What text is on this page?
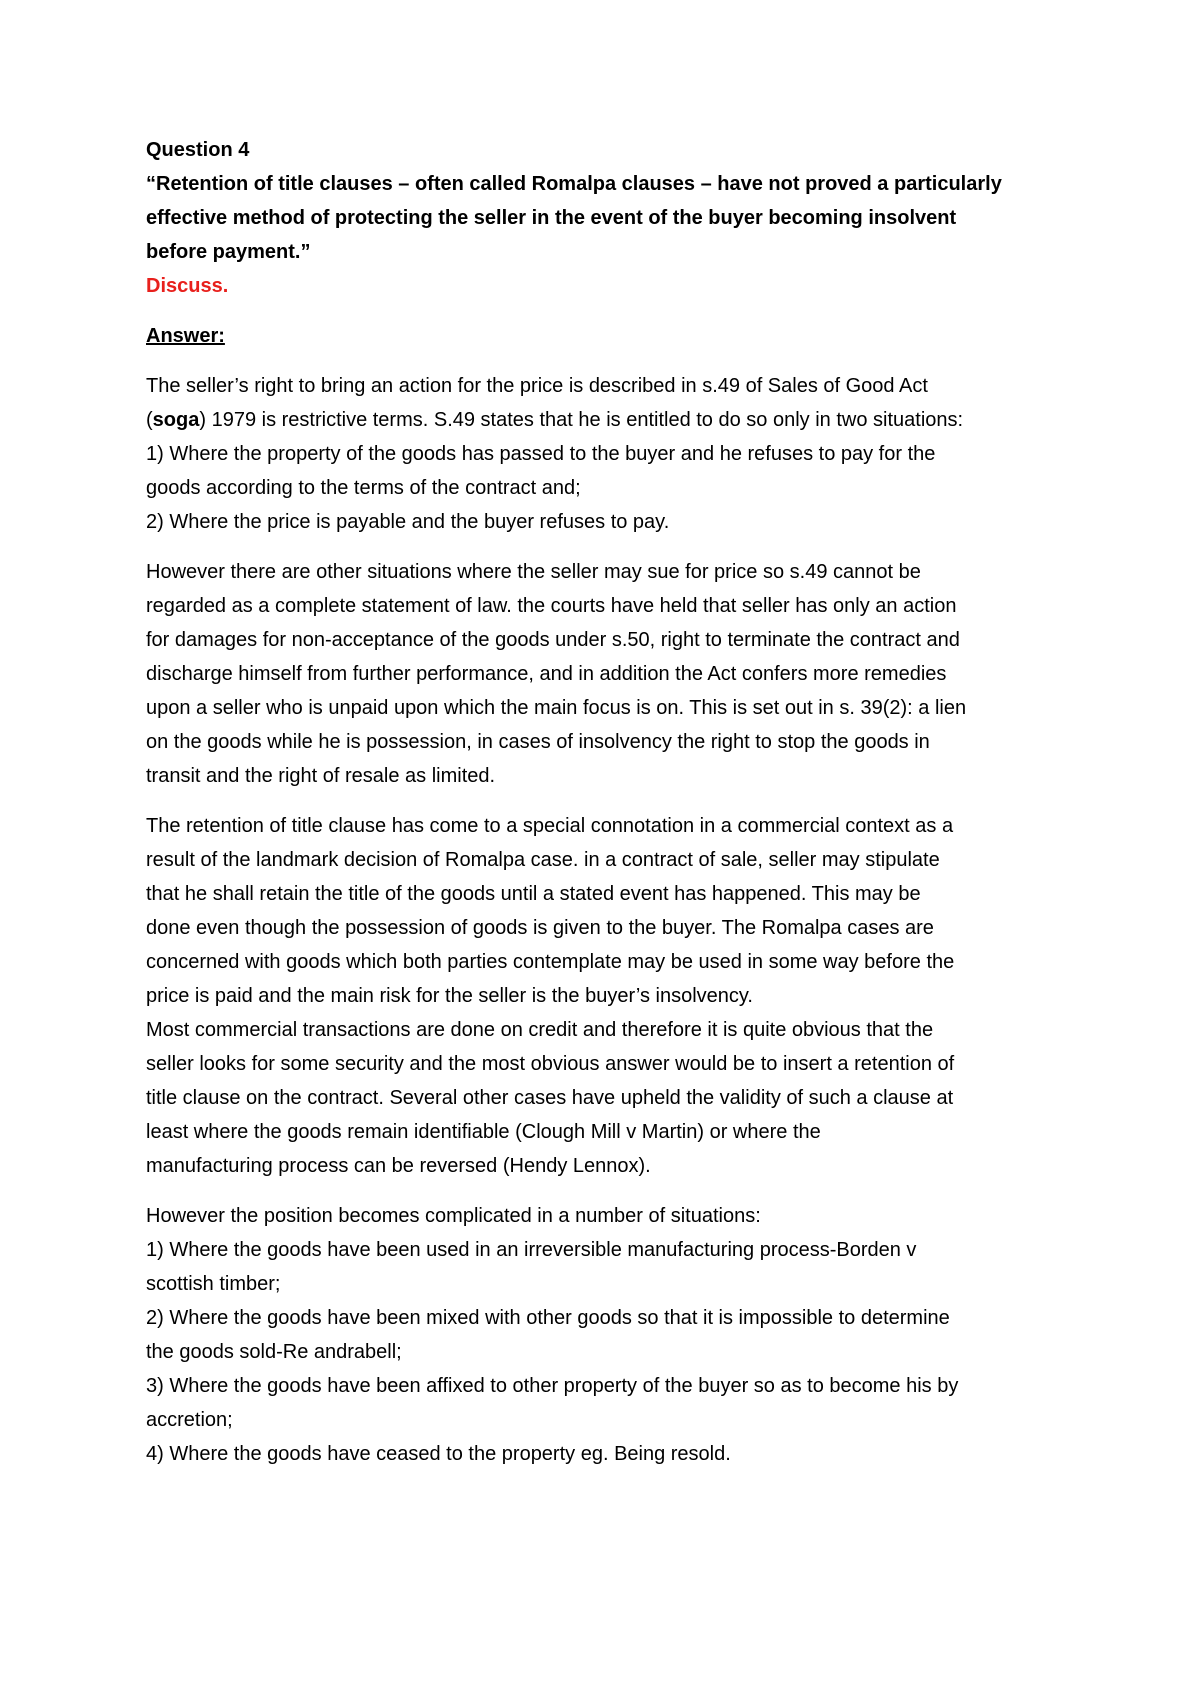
Question 4
“Retention of title clauses – often called Romalpa clauses – have not proved a particularly
effective method of protecting the seller in the event of the buyer becoming insolvent
before payment.”
Discuss.
Answer:
The seller’s right to bring an action for the price is described in s.49 of Sales of Good Act
(soga) 1979 is restrictive terms. S.49 states that he is entitled to do so only in two situations:
1) Where the property of the goods has passed to the buyer and he refuses to pay for the
goods according to the terms of the contract and;
2) Where the price is payable and the buyer refuses to pay.
However there are other situations where the seller may sue for price so s.49 cannot be
regarded as a complete statement of law. the courts have held that seller has only an action
for damages for non-acceptance of the goods under s.50, right to terminate the contract and
discharge himself from further performance, and in addition the Act confers more remedies
upon a seller who is unpaid upon which the main focus is on. This is set out in s. 39(2): a lien
on the goods while he is possession, in cases of insolvency the right to stop the goods in
transit and the right of resale as limited.
The retention of title clause has come to a special connotation in a commercial context as a
result of the landmark decision of Romalpa case. in a contract of sale, seller may stipulate
that he shall retain the title of the goods until a stated event has happened. This may be
done even though the possession of goods is given to the buyer. The Romalpa cases are
concerned with goods which both parties contemplate may be used in some way before the
price is paid and the main risk for the seller is the buyer’s insolvency.
Most commercial transactions are done on credit and therefore it is quite obvious that the
seller looks for some security and the most obvious answer would be to insert a retention of
title clause on the contract. Several other cases have upheld the validity of such a clause at
least where the goods remain identifiable (Clough Mill v Martin) or where the
manufacturing process can be reversed (Hendy Lennox).
However the position becomes complicated in a number of situations:
1) Where the goods have been used in an irreversible manufacturing process-Borden v
scottish timber;
2) Where the goods have been mixed with other goods so that it is impossible to determine
the goods sold-Re andrabell;
3) Where the goods have been affixed to other property of the buyer so as to become his by
accretion;
4) Where the goods have ceased to the property eg. Being resold.
